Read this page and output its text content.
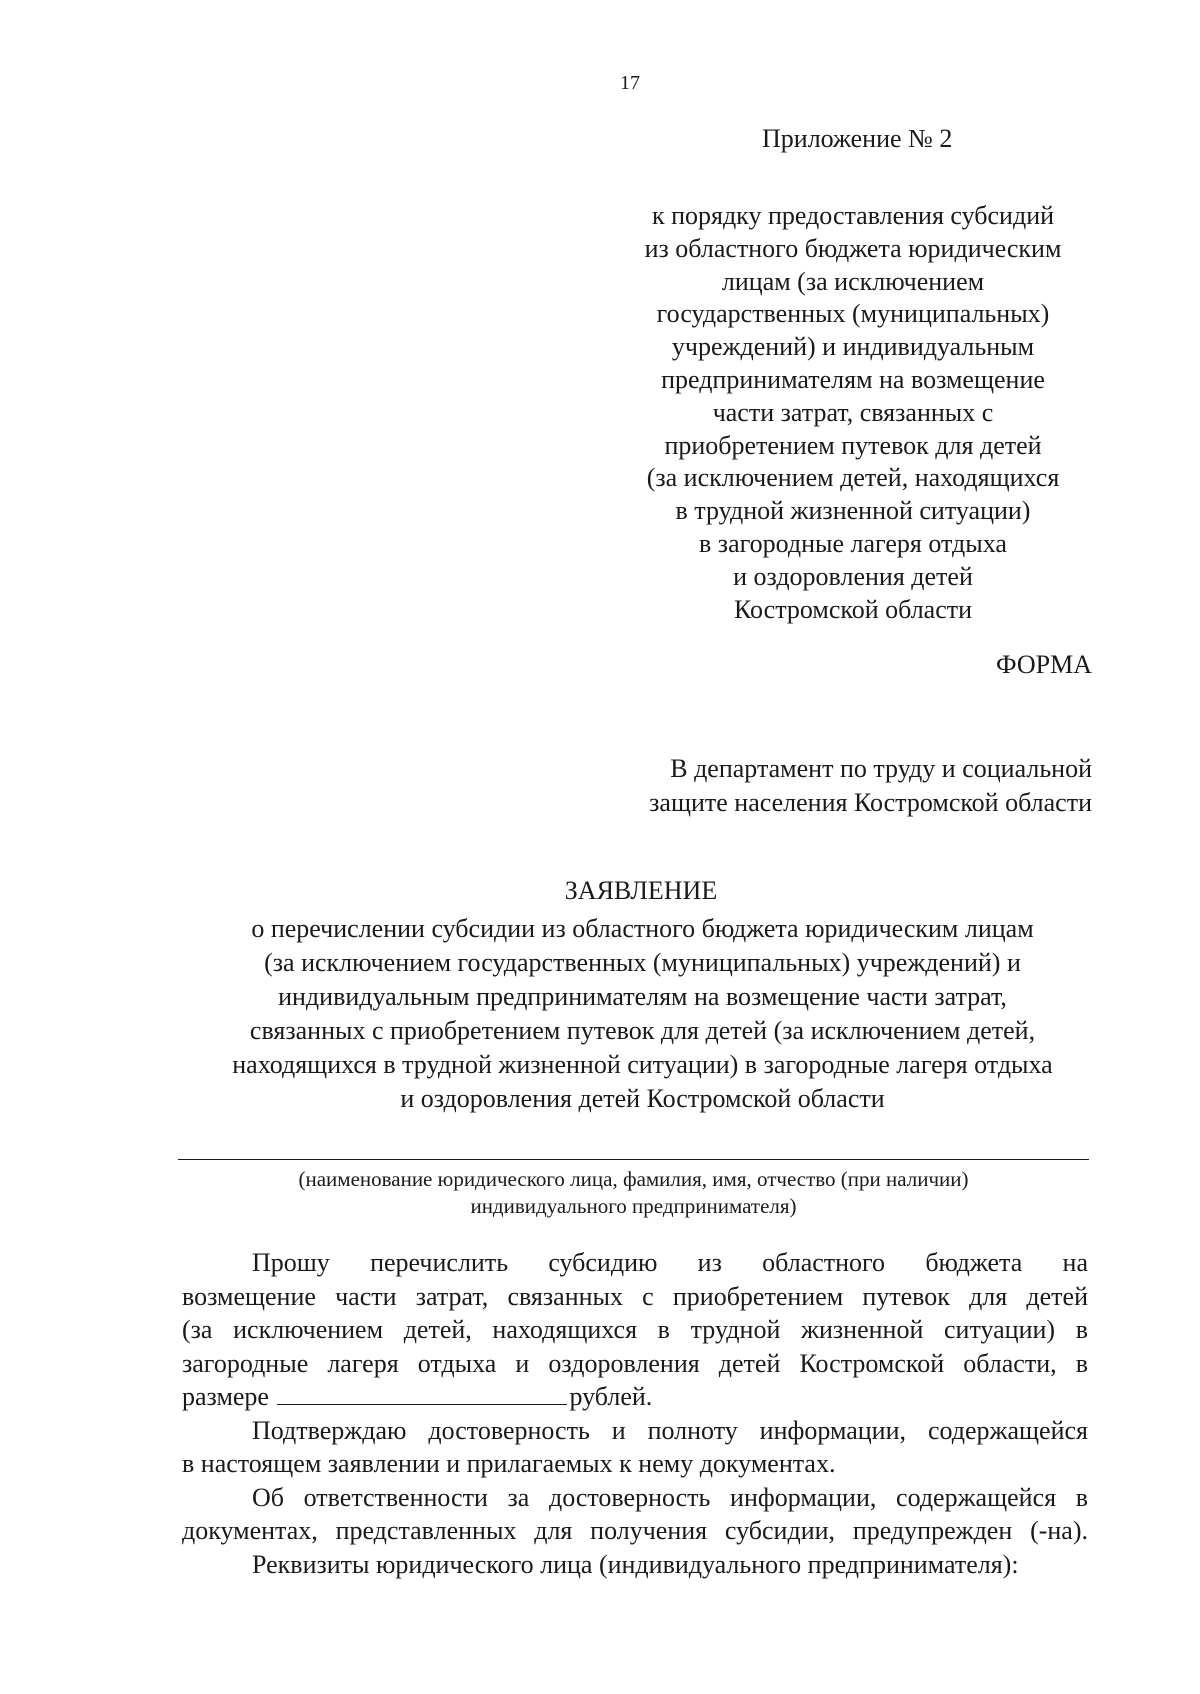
17
Приложение № 2
к порядку предоставления субсидий
из областного бюджета юридическим
лицам (за исключением
государственных (муниципальных)
учреждений) и индивидуальным
предпринимателям на возмещение
части затрат, связанных с
приобретением путевок для детей
(за исключением детей, находящихся
в трудной жизненной ситуации)
в загородные лагеря отдыха
и оздоровления детей
Костромской области
ФОРМА
В департамент по труду и социальной
защите населения Костромской области
ЗАЯВЛЕНИЕ
о перечислении субсидии из областного бюджета юридическим лицам
(за исключением государственных (муниципальных) учреждений) и
индивидуальным предпринимателям на возмещение части затрат,
связанных с приобретением путевок для детей (за исключением детей,
находящихся в трудной жизненной ситуации) в загородные лагеря отдыха
и оздоровления детей Костромской области
(наименование юридического лица, фамилия, имя, отчество (при наличии)
индивидуального предпринимателя)

Прошу перечислить субсидию из областного бюджета на
возмещение части затрат, связанных с приобретением путевок для детей
(за исключением детей, находящихся в трудной жизненной ситуации) в
загородные лагеря отдыха и оздоровления детей Костромской области, в
размере	рублей.

Подтверждаю достоверность и полноту информации, содержащейся
в настоящем заявлении и прилагаемых к нему документах.

Об ответственности за достоверность информации, содержащейся в
документах, представленных для получения субсидии, предупрежден (-на).

Реквизиты юридического лица (индивидуального предпринимателя):
